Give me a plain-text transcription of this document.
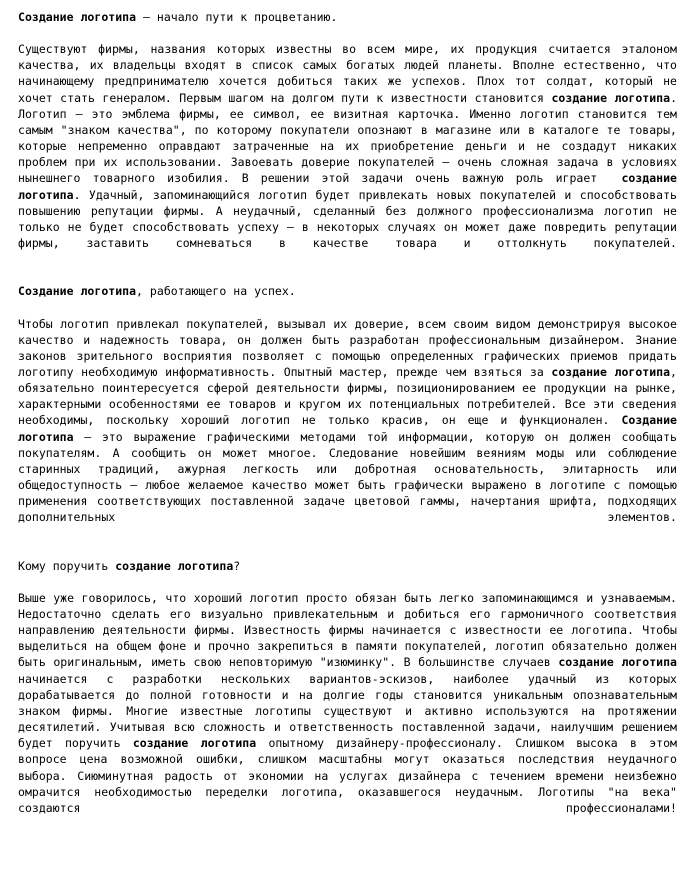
Создание логотипа – начало пути к процветанию.

Существуют фирмы, названия которых известны во всем мире, их продукция считается эталоном качества, их владельцы входят в список самых богатых людей планеты. Вполне естественно, что начинающему предпринимателю хочется добиться таких же успехов. Плох тот солдат, который не хочет стать генералом. Первым шагом на долгом пути к известности становится создание логотипа. Логотип – это эмблема фирмы, ее символ, ее визитная карточка. Именно логотип становится тем самым "знаком качества", по которому покупатели опознают в магазине или в каталоге те товары, которые непременно оправдают затраченные на их приобретение деньги и не создадут никаких проблем при их использовании. Завоевать доверие покупателей – очень сложная задача в условиях нынешнего товарного изобилия. В решении этой задачи очень важную роль играет  создание логотипа. Удачный, запоминающийся логотип будет привлекать новых покупателей и способствовать повышению репутации фирмы. А неудачный, сделанный без должного профессионализма логотип не только не будет способствовать успеху – в некоторых случаях он может даже повредить репутации фирмы, заставить сомневаться в качестве товара и оттолкнуть покупателей.

Создание логотипа, работающего на успех.

Чтобы логотип привлекал покупателей, вызывал их доверие, всем своим видом демонстрируя высокое качество и надежность товара, он должен быть разработан профессиональным дизайнером. Знание законов зрительного восприятия позволяет с помощью определенных графических приемов придать логотипу необходимую информативность. Опытный мастер, прежде чем взяться за создание логотипа, обязательно поинтересуется сферой деятельности фирмы, позиционированием ее продукции на рынке, характерными особенностями ее товаров и кругом их потенциальных потребителей. Все эти сведения необходимы, поскольку хороший логотип не только красив, он еще и функционален. Создание логотипа – это выражение графическими методами той информации, которую он должен сообщать покупателям. А сообщить он может многое. Следование новейшим веяниям моды или соблюдение старинных традиций, ажурная легкость или добротная основательность, элитарность или общедоступность – любое желаемое качество может быть графически выражено в логотипе с помощью применения соответствующих поставленной задаче цветовой гаммы, начертания шрифта, подходящих дополнительных элементов.

Кому поручить создание логотипа?

Выше уже говорилось, что хороший логотип просто обязан быть легко запоминающимся и узнаваемым. Недостаточно сделать его визуально привлекательным и добиться его гармоничного соответствия направлению деятельности фирмы. Известность фирмы начинается с известности ее логотипа. Чтобы выделиться на общем фоне и прочно закрепиться в памяти покупателей, логотип обязательно должен быть оригинальным, иметь свою неповторимую "изюминку". В большинстве случаев создание логотипа начинается с разработки нескольких вариантов-эскизов, наиболее удачный из которых дорабатывается до полной готовности и на долгие годы становится уникальным опознавательным знаком фирмы. Многие известные логотипы существуют и активно используются на протяжении десятилетий. Учитывая всю сложность и ответственность поставленной задачи, наилучшим решением будет поручить создание логотипа опытному дизайнеру-профессионалу. Слишком высока в этом вопросе цена возможной ошибки, слишком масштабны могут оказаться последствия неудачного выбора. Сиюминутная радость от экономии на услугах дизайнера с течением времени неизбежно омрачится необходимостью переделки логотипа, оказавшегося неудачным. Логотипы "на века" создаются профессионалами!
